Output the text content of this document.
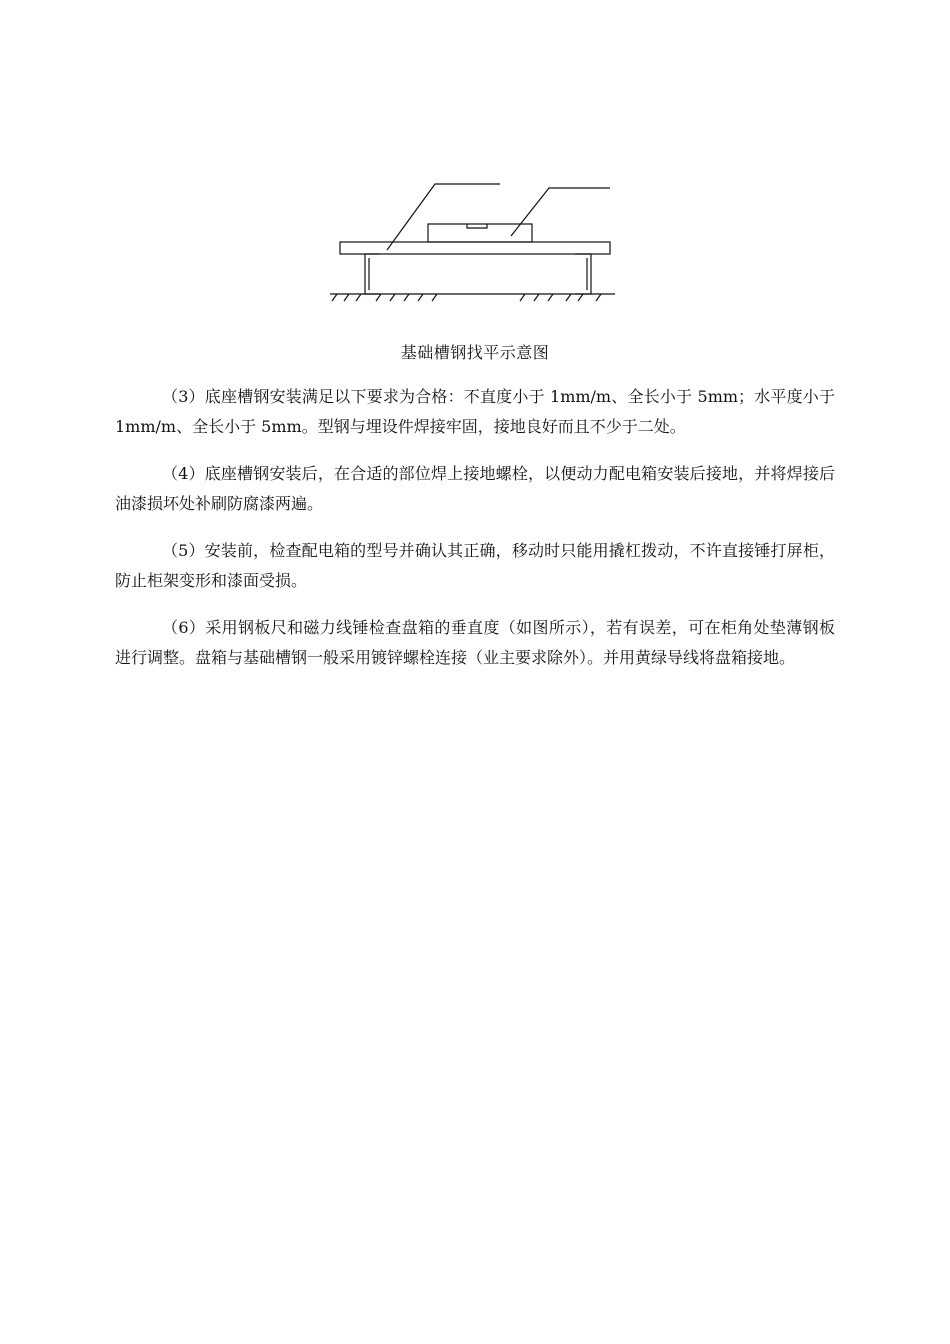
基础槽钢找平示意图

（3）底座槽钢安装满足以下要求为合格：不直度小于 1mm/m、全长小于 5mm；水平度小于 1mm/m、全长小于 5mm。型钢与埋设件焊接牢固，接地良好而且不少于二处。

（4）底座槽钢安装后，在合适的部位焊上接地螺栓，以便动力配电箱安装后接地，并将焊接后油漆损坏处补刷防腐漆两遍。

（5）安装前，检查配电箱的型号并确认其正确，移动时只能用撬杠拨动，不许直接锤打屏柜，防止柜架变形和漆面受损。

（6）采用钢板尺和磁力线锤检查盘箱的垂直度（如图所示），若有误差，可在柜角处垫薄钢板进行调整。盘箱与基础槽钢一般采用镀锌螺栓连接（业主要求除外）。并用黄绿导线将盘箱接地。
